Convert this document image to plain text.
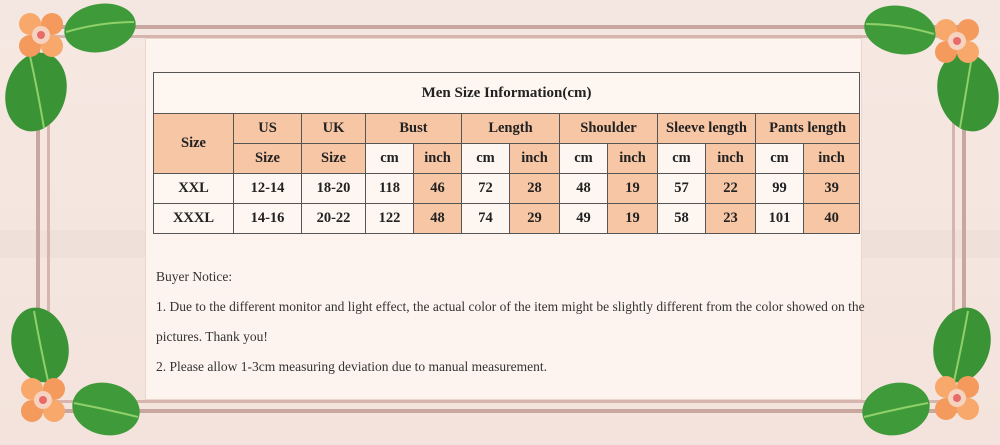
Men Size Information(cm)												
Size	US	UK	Bust		Length		Shoulder		Sleeve length		Pants length	
	Size	Size	cm	inch	cm	inch	cm	inch	cm	inch	cm	inch
XXL	12-14	18-20	118	46	72	28	48	19	57	22	99	39
XXXL	14-16	20-22	122	48	74	29	49	19	58	23	101	40
Buyer Notice:
1. Due to the different monitor and light effect, the actual color of the item might be slightly different from the color showed on the
pictures. Thank you!
2. Please allow 1-3cm measuring deviation due to manual measurement.
